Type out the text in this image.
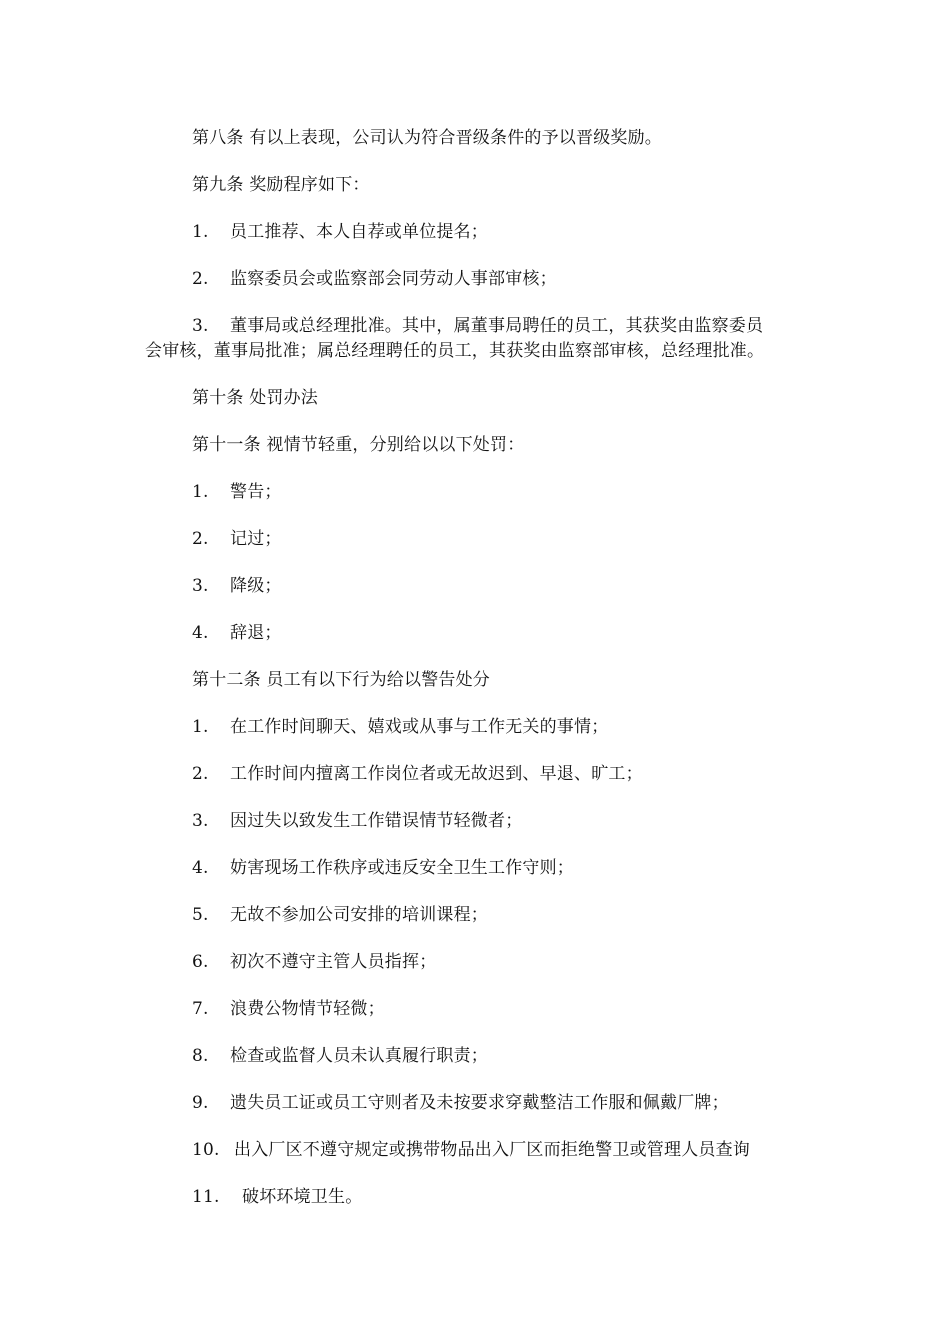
第八条 有以上表现，公司认为符合晋级条件的予以晋级奖励。
第九条 奖励程序如下：
1. 员工推荐、本人自荐或单位提名；
2. 监察委员会或监察部会同劳动人事部审核；
3. 董事局或总经理批准。其中，属董事局聘任的员工，其获奖由监察委员
会审核，董事局批准；属总经理聘任的员工，其获奖由监察部审核，总经理批准。
第十条 处罚办法
第十一条 视情节轻重，分别给以以下处罚：
1. 警告；
2. 记过；
3. 降级；
4. 辞退；
第十二条 员工有以下行为给以警告处分
1. 在工作时间聊天、嬉戏或从事与工作无关的事情；
2. 工作时间内擅离工作岗位者或无故迟到、早退、旷工；
3. 因过失以致发生工作错误情节轻微者；
4. 妨害现场工作秩序或违反安全卫生工作守则；
5. 无故不参加公司安排的培训课程；
6. 初次不遵守主管人员指挥；
7. 浪费公物情节轻微；
8. 检查或监督人员未认真履行职责；
9. 遗失员工证或员工守则者及未按要求穿戴整洁工作服和佩戴厂牌；
10. 出入厂区不遵守规定或携带物品出入厂区而拒绝警卫或管理人员查询
11. 破坏环境卫生。
